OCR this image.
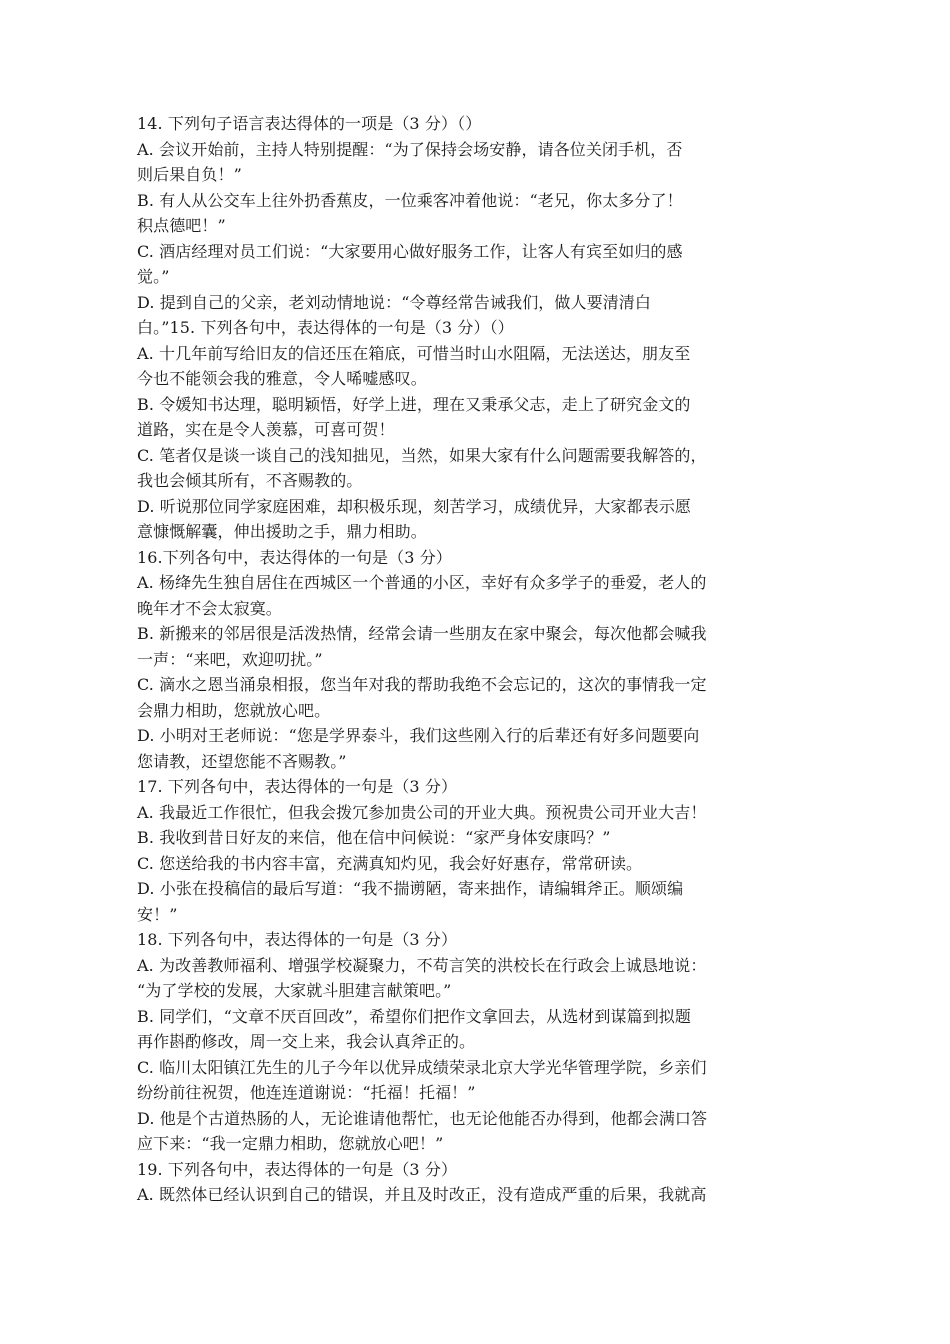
14. 下列句子语言表达得体的一项是（3 分）（）
A. 会议开始前，主持人特别提醒：“为了保持会场安静，请各位关闭手机，否
则后果自负！”
B. 有人从公交车上往外扔香蕉皮，一位乘客冲着他说：“老兄，你太多分了！
积点德吧！”
C. 酒店经理对员工们说：“大家要用心做好服务工作，让客人有宾至如归的感
觉。”
D. 提到自己的父亲，老刘动情地说：“令尊经常告诫我们，做人要清清白
白。”15. 下列各句中，表达得体的一句是（3 分）（）
A. 十几年前写给旧友的信还压在箱底，可惜当时山水阻隔，无法送达，朋友至
今也不能领会我的雅意，令人唏嘘感叹。
B. 令媛知书达理，聪明颖悟，好学上进，理在又秉承父志，走上了研究金文的
道路，实在是令人羡慕，可喜可贺！
C. 笔者仅是谈一谈自己的浅知拙见，当然，如果大家有什么问题需要我解答的，
我也会倾其所有，不吝赐教的。
D. 听说那位同学家庭困难，却积极乐现，刻苦学习，成绩优异，大家都表示愿
意慷慨解囊，伸出援助之手，鼎力相助。
16.下列各句中，表达得体的一句是（3 分）
A. 杨绛先生独自居住在西城区一个普通的小区，幸好有众多学子的垂爱，老人的
晚年才不会太寂寞。
B. 新搬来的邻居很是活泼热情，经常会请一些朋友在家中聚会，每次他都会喊我
一声：“来吧，欢迎叨扰。”
C. 滴水之恩当涌泉相报，您当年对我的帮助我绝不会忘记的，这次的事情我一定
会鼎力相助，您就放心吧。
D. 小明对王老师说：“您是学界泰斗，我们这些刚入行的后辈还有好多问题要向
您请教，还望您能不吝赐教。”
17. 下列各句中，表达得体的一句是（3 分）
A. 我最近工作很忙，但我会拨冗参加贵公司的开业大典。预祝贵公司开业大吉！
B. 我收到昔日好友的来信，他在信中问候说：“家严身体安康吗？”
C. 您送给我的书内容丰富，充满真知灼见，我会好好惠存，常常研读。
D. 小张在投稿信的最后写道：“我不揣谫陋，寄来拙作，请编辑斧正。顺颂编
安！”
18. 下列各句中，表达得体的一句是（3 分）
A. 为改善教师福利、增强学校凝聚力，不苟言笑的洪校长在行政会上诚恳地说：
“为了学校的发展，大家就斗胆建言献策吧。”
B. 同学们，“文章不厌百回改”，希望你们把作文拿回去，从选材到谋篇到拟题
再作斟酌修改，周一交上来，我会认真斧正的。
C. 临川太阳镇江先生的儿子今年以优异成绩荣录北京大学光华管理学院，乡亲们
纷纷前往祝贺，他连连道谢说：“托福！托福！”
D. 他是个古道热肠的人，无论谁请他帮忙，也无论他能否办得到，他都会满口答
应下来：“我一定鼎力相助，您就放心吧！”
19. 下列各句中，表达得体的一句是（3 分）
A. 既然体已经认识到自己的错误，并且及时改正，没有造成严重的后果，我就高
